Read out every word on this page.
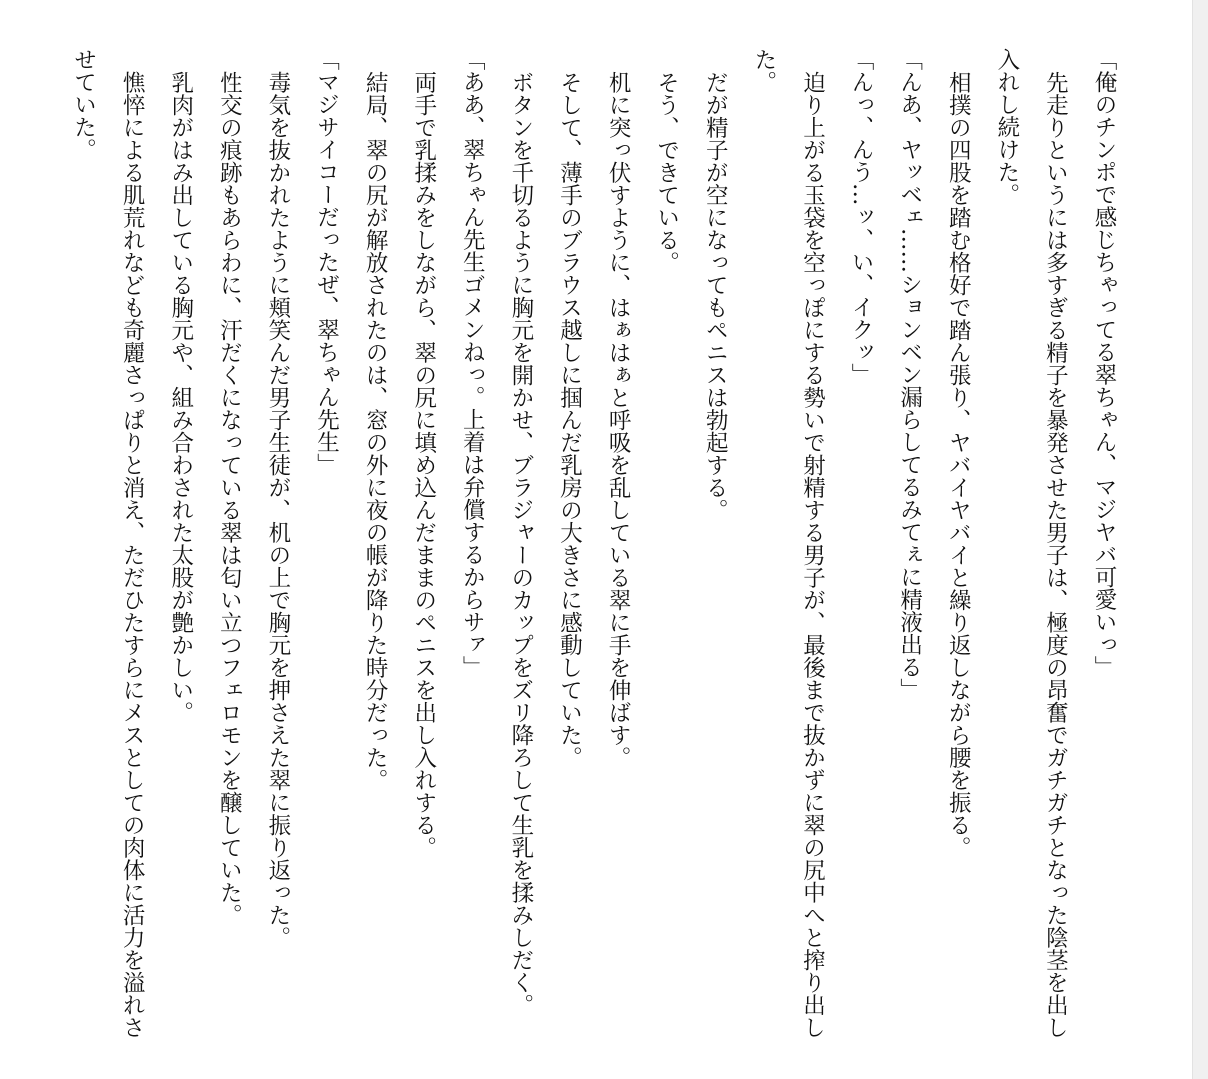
「俺のチンポで感じちゃってる翠ちゃん、マジヤバ可愛いっ」

先走りというには多すぎる精子を暴発させた男子は、極度の昂奮でガチガチとなった陰茎を出し入れし続けた。

相撲の四股を踏む格好で踏ん張り、ヤバイヤバイと繰り返しながら腰を振る。

「んあ、ヤッベェ……ションベン漏らしてるみてぇに精液出る」

「んっ、んう…ッ、い、イクッ」

迫り上がる玉袋を空っぽにする勢いで射精する男子が、最後まで抜かずに翠の尻中へと搾り出した。

だが精子が空になってもペニスは勃起する。

そう、できている。

机に突っ伏すように、はぁはぁと呼吸を乱している翠に手を伸ばす。

そして、薄手のブラウス越しに掴んだ乳房の大きさに感動していた。

ボタンを千切るように胸元を開かせ、ブラジャーのカップをズリ降ろして生乳を揉みしだく。

「ああ、翠ちゃん先生ゴメンねっ。上着は弁償するからサァ」

両手で乳揉みをしながら、翠の尻に填め込んだままのペニスを出し入れする。

結局、翠の尻が解放されたのは、窓の外に夜の帳が降りた時分だった。

「マジサイコーだったぜ、翠ちゃん先生」

毒気を抜かれたように頬笑んだ男子生徒が、机の上で胸元を押さえた翠に振り返った。

性交の痕跡もあらわに、汗だくになっている翠は匂い立つフェロモンを醸していた。

乳肉がはみ出している胸元や、組み合わされた太股が艶かしい。

憔悴による肌荒れなども奇麗さっぱりと消え、ただひたすらにメスとしての肉体に活力を溢れさせていた。
